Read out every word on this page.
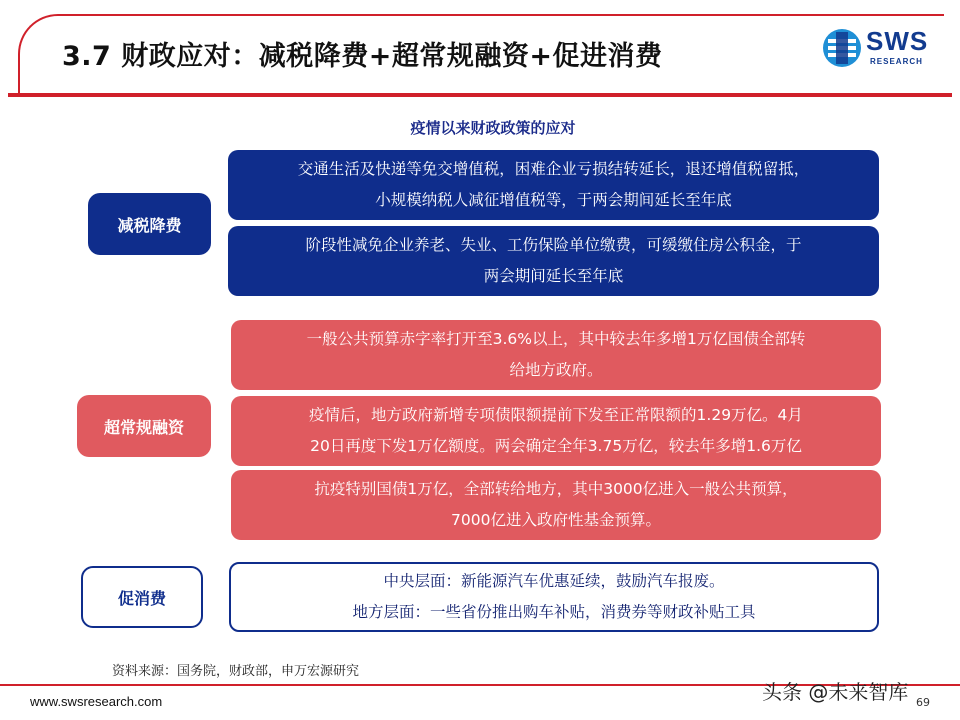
3.7 财政应对：减税降费+超常规融资+促进消费	SWS
RESEARCH
疫情以来财政政策的应对
减税降费
交通生活及快递等免交增值税，困难企业亏损结转延长，退还增值税留抵，
小规模纳税人减征增值税等，于两会期间延长至年底
阶段性减免企业养老、失业、工伤保险单位缴费，可缓缴住房公积金，于
两会期间延长至年底
超常规融资
一般公共预算赤字率打开至3.6%以上，其中较去年多增1万亿国债全部转
给地方政府。
疫情后，地方政府新增专项债限额提前下发至正常限额的1.29万亿。4月
20日再度下发1万亿额度。两会确定全年3.75万亿，较去年多增1.6万亿
抗疫特别国债1万亿，全部转给地方，其中3000亿进入一般公共预算，
7000亿进入政府性基金预算。
促消费
中央层面：新能源汽车优惠延续，鼓励汽车报废。
地方层面：一些省份推出购车补贴，消费券等财政补贴工具
资料来源：国务院，财政部，申万宏源研究
www.swsresearch.com	头条 @未来智库 69
